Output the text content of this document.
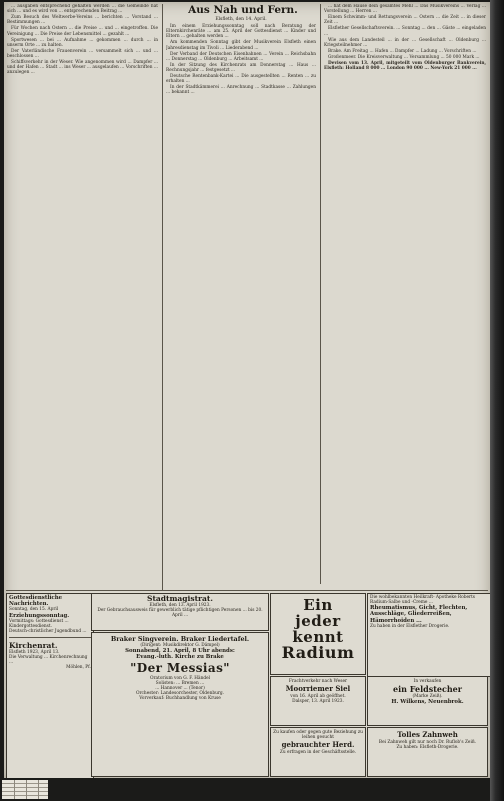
... ausgaben entsprechend gehalten werden ... die Gemeinde hat sich ... und es wird von ... entsprechenden Beitrag ...

Zum Besuch des Weltwerbe-Vereins ... berichten ... Vorstand ... Bestimmungen ...

Für Wochen nach Ostern ... die Preise ... und ... eingetroffen. Die Vereinigung ... Die Preise der Lebensmittel ... gezahlt ...

Sportwesen ... bei ... Aufnahme ... gekommen ... durch ... in unserm Orte ... zu halten.

Der Vaterländische Frauenverein ... versammelt sich ... und ... beschlossen ...

Schiffsverkehr in der Weser. Wie angenommen wird ... Dampfer ... und der Hafen ... Stadt ... ins Weser ... ausgelaufen ... Vorschriften ... anzulegen ...

Aus Nah und Fern.

Elsfleth, den 14. April.

Im einem Erziehungssonntag soll nach Beratung der Elternkirchenräte ... am 25. April der Gottesdienst ... Kinder und Eltern ... gehalten werden ...

Am kommenden Sonntag gibt der Musikverein Elsfleth einen Jahresdienstag im Tivoli ... Liederabend ...

Der Verband der Deutschen Eisenbahnen ... Verein ... Reichsbahn ... Donnerstag ... Oldenburg ... Arbeitsamt ...

In der Sitzung des Kirchenrats am Donnerstag ... Haus ... Rechnungsjahr ... festgesetzt ...

Deutsche Rentenbank-Kartei ... Die ausgestellten ... Renten ... zu erhalten ...

In der Stadtkämmerei ... Anrechnung ... Stadtkasse ... Zahlungen ... bekannt ...

... hat dem Hause dein gesamtes Mehl ... Das Musikvereins ... Verlag ... Vorstellung ... Herren ...

Einem Schwimm- und Rettungsverein ... Ostern ... die Zeit ... in dieser Zeit ...

Elsflether Gesellschaftsverein. ... Sonntag ... den ... Gäste ... eingeladen ...

Wie aus dem Landesteil ... in der ... Gesellschaft ... Oldenburg ... Kriegsteilnehmer ...

Brake. Am Freitag ... Hafen ... Dampfer ... Ladung ... Vorschriften ...

Großenmeer. Die Kreisverwaltung ... Versammlung ... 50 000 Mark ...

Devisen vom 13. April, mitgeteilt vom Oldenburger Bankverein, Elsfleth: Holland 8 000 ... London 90 000 ... New-York 21 000 ...

Gottesdienstliche Nachrichten.

Sonntag, den 15. April

Erziehungssonntag.

Vormittags: Gottesdienst ...

Kindergottesdienst.

Deutsch-christlicher Jugendbund ...

Kirchenrat.

Elsfleth 1923, April 13.

Die Verwaltung ... Kirchenrechnung ...

Möhlen, Pf.

Stadtmagistrat.

Elsfleth, den 13. April 1923.

Der Gebrauchsausweis für gewerblich tätige pflichtigen Personen ... bis 20. April ...

Braker Singverein. Braker Liedertafel.

(Dirigent: Musikdirektor G. Dämpel)

Sonnabend, 21. April, 8 Uhr abends:

Evang.-luth. Kirche zu Brake

"Der Messias"

Oratorium von G. F. Händel

Solisten: ... Bremen ...

... Hannover ... (Tenor)

Orchester: Landesorchester, Oldenburg.

Vorverkauf: Buchhandlung von Kruse

Ein

jeder

kennt

Radium

Die wohlbekannten Heilkraft- Apotheke Roberts Radium-Salbe und -Creme ...

Rheumatismus, Gicht, Flechten, Ausschläge, Gliederreißen, Hämorrhoiden ...

Zu haben in der Elsflether Drogerie.

Frachtverkehr nach Weser

Moorriemer Siel

von 16. April ab geöffnet.

Dalsper, 13. April 1923.

Zu kaufen oder gegen gute Beziehung zu leihen gesucht

gebrauchter Herd.

Zu erfragen in der Geschäftsstelle.

In verkaufen

ein Feldstecher

(Marke Zeiß).

H. Wilkens, Neuenbrok.

Tolles Zahnweh

Bei Zahnweh gilt nur noch Dr. Ruflob's Zeiß.

Zu haben: Elsfleth-Drogerie.
